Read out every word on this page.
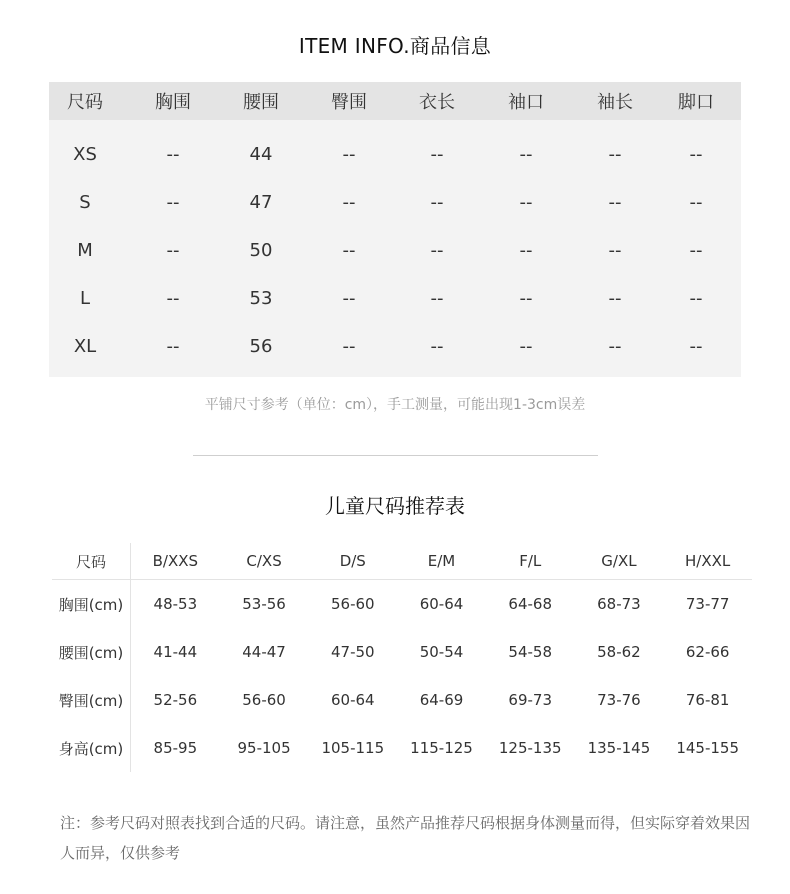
ITEM INFO.商品信息
尺码	胸围	腰围	臀围	衣长	袖口	袖长	脚口
XS	--	44	--	--	--	--	--
S	--	47	--	--	--	--	--
M	--	50	--	--	--	--	--
L	--	53	--	--	--	--	--
XL	--	56	--	--	--	--	--
平铺尺寸参考（单位：cm），手工测量，可能出现1-3cm误差
儿童尺码推荐表
尺码	B/XXS	C/XS	D/S	E/M	F/L	G/XL	H/XXL
胸围(cm)	48-53	53-56	56-60	60-64	64-68	68-73	73-77
腰围(cm)	41-44	44-47	47-50	50-54	54-58	58-62	62-66
臀围(cm)	52-56	56-60	60-64	64-69	69-73	73-76	76-81
身高(cm)	85-95	95-105	105-115	115-125	125-135	135-145	145-155
注：参考尺码对照表找到合适的尺码。请注意，虽然产品推荐尺码根据身体测量而得，但实际穿着效果因人而异，仅供参考
